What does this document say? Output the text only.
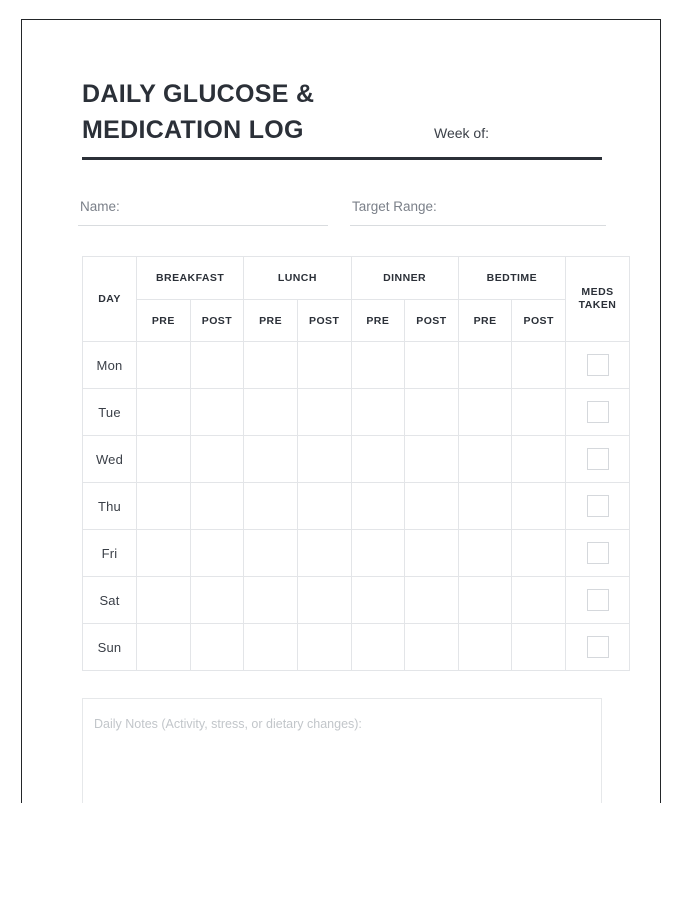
DAILY GLUCOSE & MEDICATION LOG	Week of:
Name:	Target Range:
DAY	BREAKFAST		LUNCH		DINNER		BEDTIME		MEDS
TAKEN
	PRE	POST	PRE	POST	PRE	POST	PRE	POST	
Mon									
Tue									
Wed									
Thu									
Fri									
Sat									
Sun									
Daily Notes (Activity, stress, or dietary changes):
